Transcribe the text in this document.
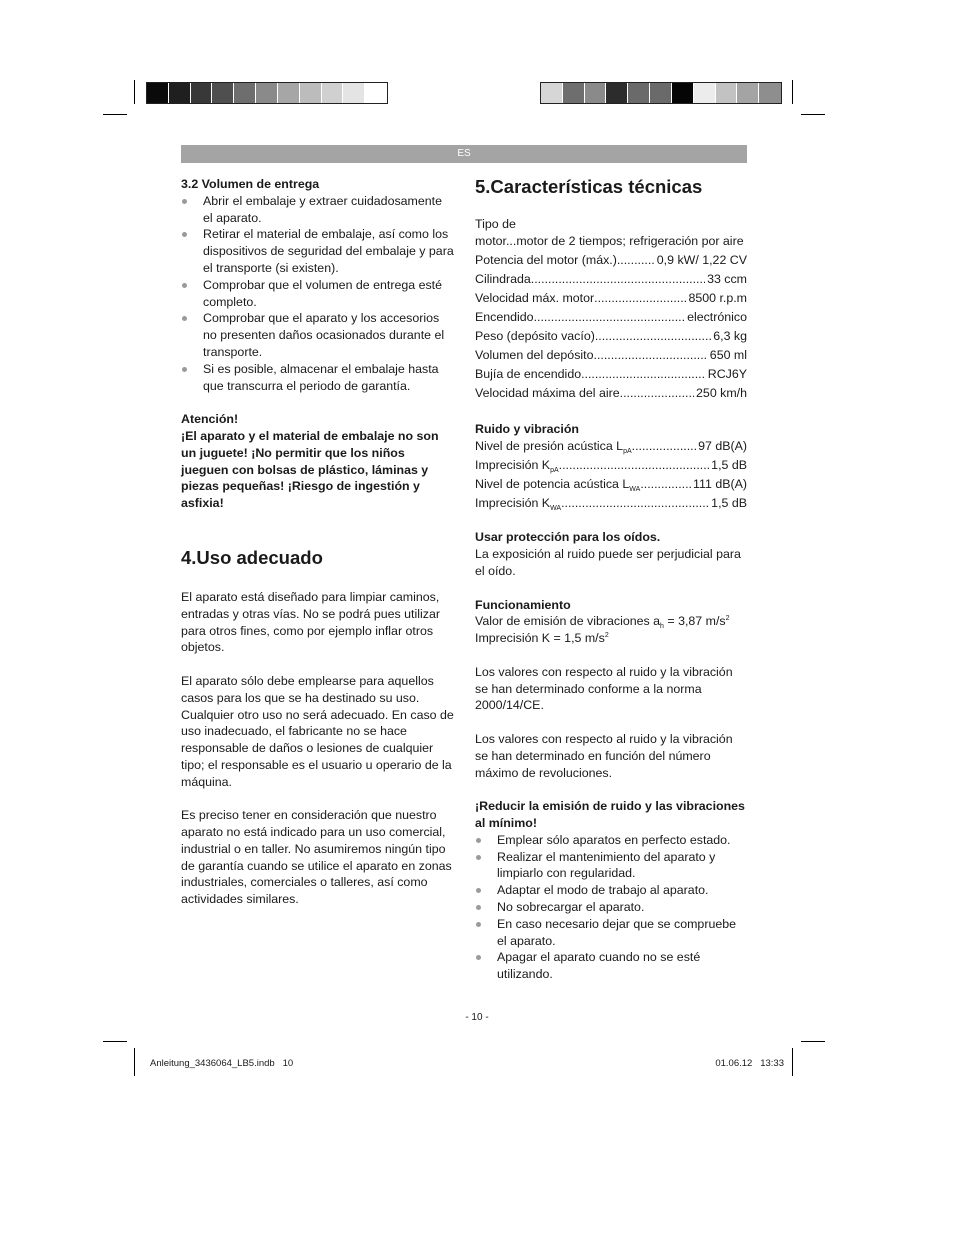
ES

3.2 Volumen de entrega

Abrir el embalaje y extraer cuidadosamente el aparato.
Retirar el material de embalaje, así como los dispositivos de seguridad del embalaje y para el transporte (si existen).
Comprobar que el volumen de entrega esté completo.
Comprobar que el aparato y los accesorios no presenten daños ocasionados durante el transporte.
Si es posible, almacenar el embalaje hasta que transcurra el periodo de garantía.

Atención!

¡El aparato y el material de embalaje no son un juguete! ¡No permitir que los niños jueguen con bolsas de plástico, láminas y piezas pequeñas! ¡Riesgo de ingestión y asfixia!

4.Uso adecuado

El aparato está diseñado para limpiar caminos, entradas y otras vías. No se podrá pues utilizar para otros fines, como por ejemplo inflar otros objetos.

El aparato sólo debe emplearse para aquellos casos para los que se ha destinado su uso. Cualquier otro uso no será adecuado. En caso de uso inadecuado, el fabricante no se hace responsable de daños o lesiones de cualquier tipo; el responsable es el usuario u operario de la máquina.

Es preciso tener en consideración que nuestro aparato no está indicado para un uso comercial, industrial o en taller. No asumiremos ningún tipo de garantía cuando se utilice el aparato en zonas industriales, comerciales o talleres, así como actividades similares.

5.Características técnicas

Tipo de

motor...motor de 2 tiempos; refrigeración por aire

Potencia del motor (máx.) .....	0,9 kW/ 1,22 CV
Cilindrada .....	33 ccm
Velocidad máx. motor .....	8500 r.p.m
Encendido .....	electrónico
Peso (depósito vacío) .....	6,3 kg
Volumen del depósito .....	650 ml
Bujía de encendido .....	RCJ6Y
Velocidad máxima del aire .....	250 km/h

Ruido y vibración

Nivel de presión acústica $L_{pA}$ .....	97 dB(A)
Imprecisión $K_{pA}$ .....	1,5 dB
Nivel de potencia acústica $L_{WA}$ .....	111 dB(A)
Imprecisión $K_{WA}$ .....	1,5 dB

Usar protección para los oídos.

La exposición al ruido puede ser perjudicial para el oído.

Funcionamiento

Valor de emisión de vibraciones $a_h = 3,87$ $m/s^2$

Imprecisión K = 1,5 $m/s^2$

Los valores con respecto al ruido y la vibración se han determinado conforme a la norma 2000/14/CE.

Los valores con respecto al ruido y la vibración se han determinado en función del número máximo de revoluciones.

¡Reducir la emisión de ruido y las vibraciones al mínimo!

Emplear sólo aparatos en perfecto estado.
Realizar el mantenimiento del aparato y limpiarlo con regularidad.
Adaptar el modo de trabajo al aparato.
No sobrecargar el aparato.
En caso necesario dejar que se compruebe el aparato.
Apagar el aparato cuando no se esté utilizando.
- 10 -
Anleitung_3436064_LB5.indb   10	01.06.12   13:33
